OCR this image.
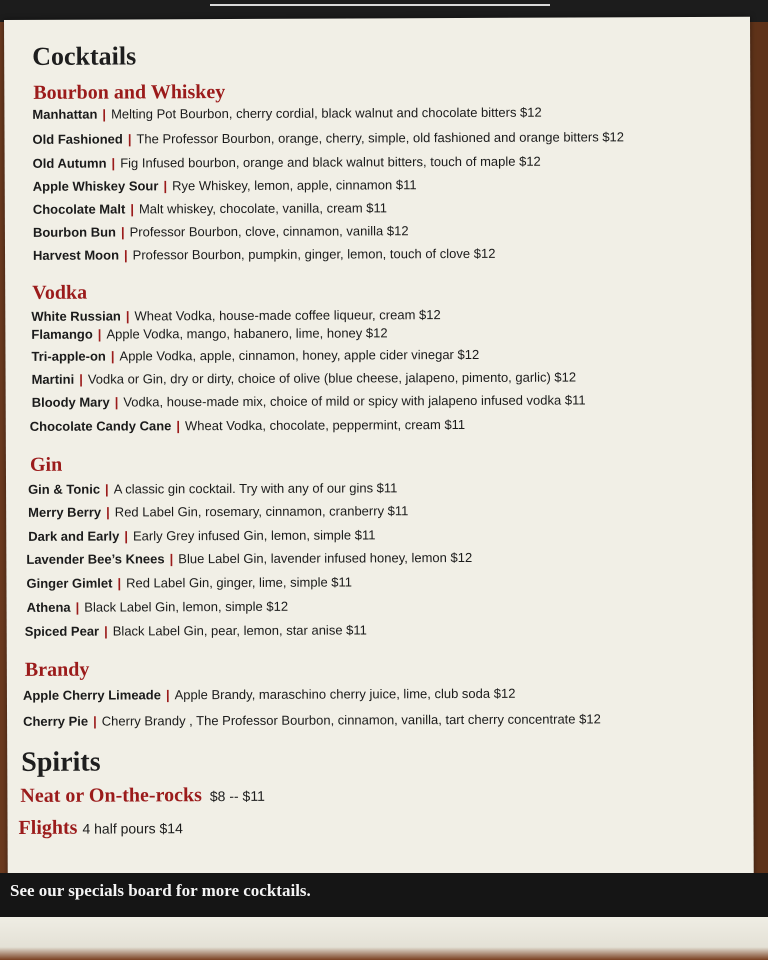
Cocktails
Bourbon and Whiskey
Manhattan | Melting Pot Bourbon, cherry cordial, black walnut and chocolate bitters $12
Old Fashioned | The Professor Bourbon, orange, cherry, simple, old fashioned and orange bitters $12
Old Autumn | Fig Infused bourbon, orange and black walnut bitters, touch of maple $12
Apple Whiskey Sour | Rye Whiskey, lemon, apple, cinnamon $11
Chocolate Malt | Malt whiskey, chocolate, vanilla, cream $11
Bourbon Bun | Professor Bourbon, clove, cinnamon, vanilla $12
Harvest Moon | Professor Bourbon, pumpkin, ginger, lemon, touch of clove $12
Vodka
White Russian | Wheat Vodka, house-made coffee liqueur, cream $12
Flamango | Apple Vodka, mango, habanero, lime, honey $12
Tri-apple-on | Apple Vodka, apple, cinnamon, honey, apple cider vinegar $12
Martini | Vodka or Gin, dry or dirty, choice of olive (blue cheese, jalapeno, pimento, garlic) $12
Bloody Mary | Vodka, house-made mix, choice of mild or spicy with jalapeno infused vodka $11
Chocolate Candy Cane | Wheat Vodka, chocolate, peppermint, cream $11
Gin
Gin & Tonic | A classic gin cocktail. Try with any of our gins $11
Merry Berry | Red Label Gin, rosemary, cinnamon, cranberry $11
Dark and Early | Early Grey infused Gin, lemon, simple $11
Lavender Bee’s Knees | Blue Label Gin, lavender infused honey, lemon $12
Ginger Gimlet | Red Label Gin, ginger, lime, simple $11
Athena | Black Label Gin, lemon, simple $12
Spiced Pear | Black Label Gin, pear, lemon, star anise $11
Brandy
Apple Cherry Limeade | Apple Brandy, maraschino cherry juice, lime, club soda $12
Cherry Pie | Cherry Brandy , The Professor Bourbon, cinnamon, vanilla, tart cherry concentrate $12
Spirits
Neat or On-the-rocks $8 -- $11
Flights 4 half pours $14
See our specials board for more cocktails.
